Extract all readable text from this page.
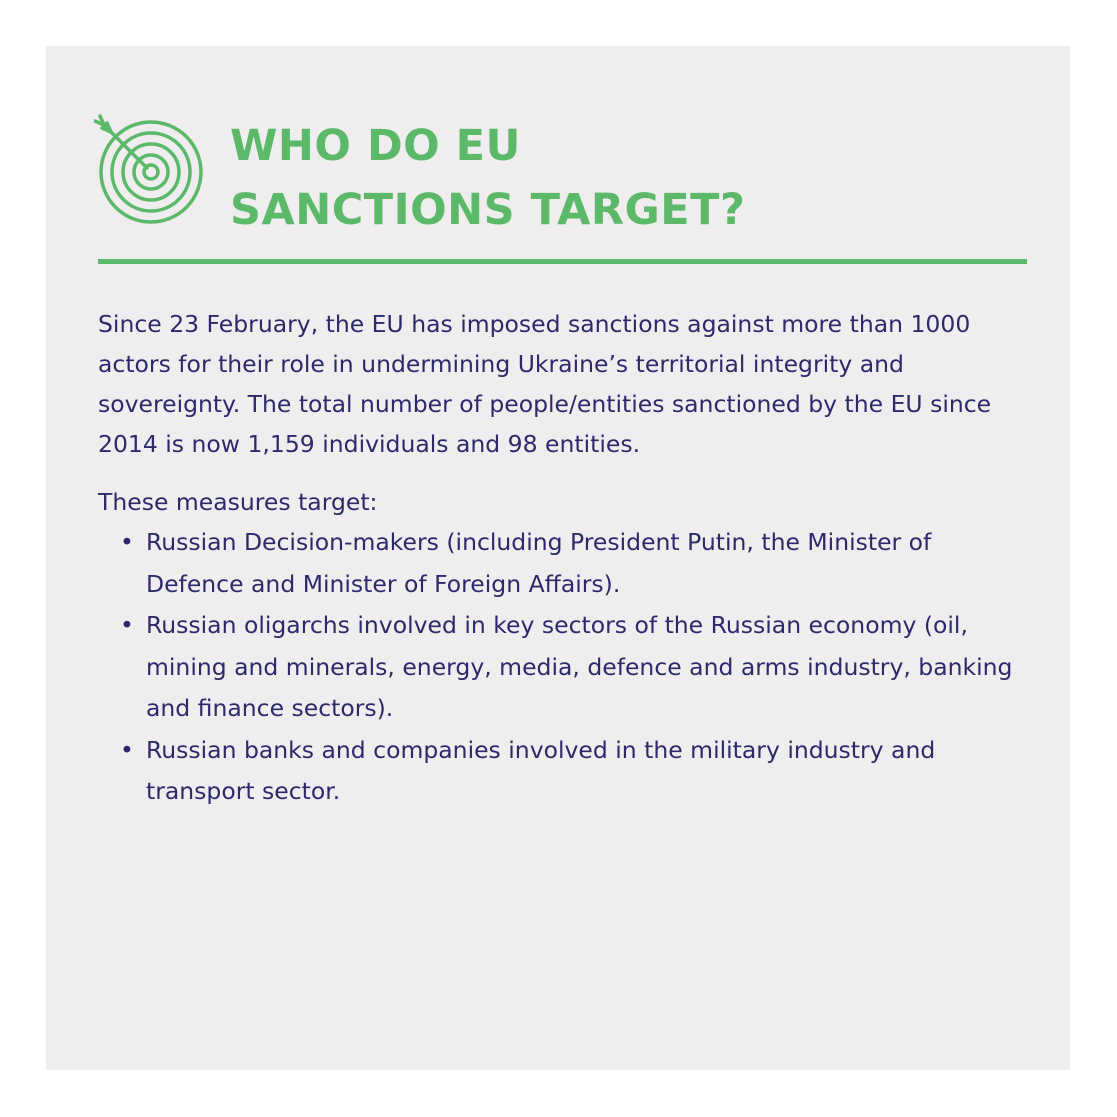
WHO DO EU
SANCTIONS TARGET?

Since 23 February, the EU has imposed sanctions against more than 1000 actors for their role in undermining Ukraine’s territorial integrity and sovereignty. The total number of people/entities sanctioned by the EU since 2014 is now 1,159 individuals and 98 entities.

These measures target:

• Russian Decision-makers (including President Putin, the Minister of Defence and Minister of Foreign Affairs).
• Russian oligarchs involved in key sectors of the Russian economy (oil, mining and minerals, energy, media, defence and arms industry, banking and finance sectors).
• Russian banks and companies involved in the military industry and transport sector.
